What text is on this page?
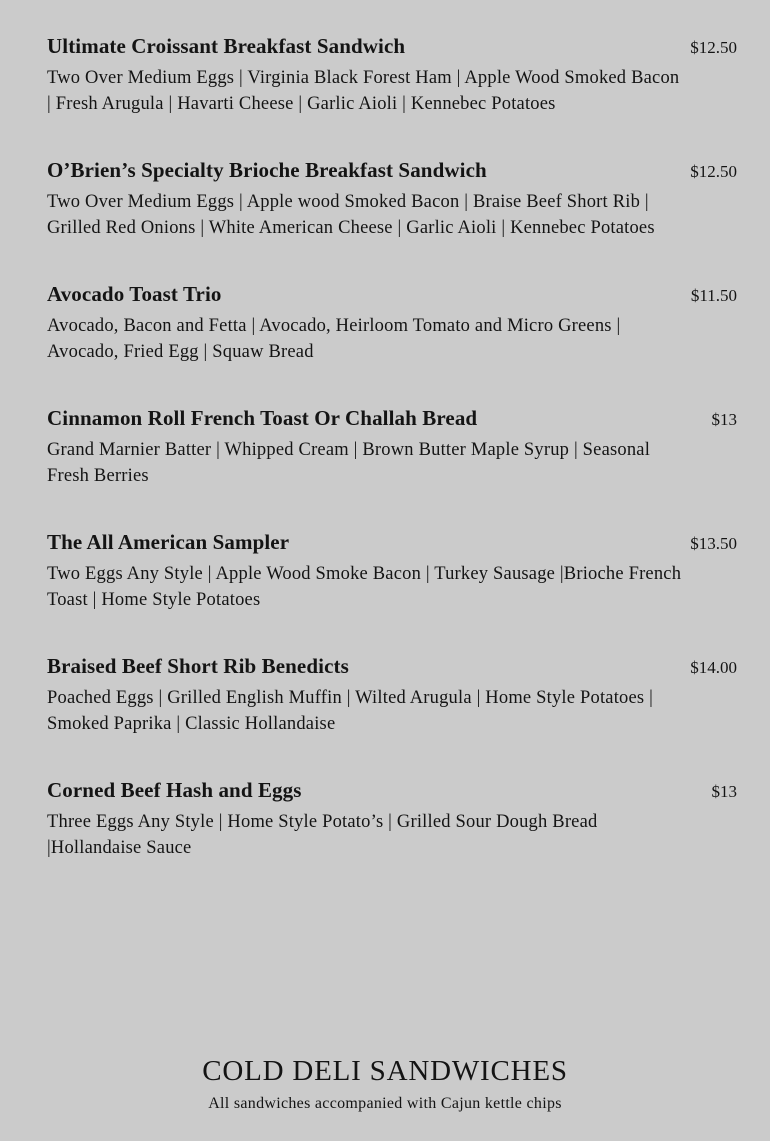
Ultimate Croissant Breakfast Sandwich	$12.50

Two Over Medium Eggs | Virginia Black Forest Ham | Apple Wood Smoked Bacon | Fresh Arugula | Havarti Cheese | Garlic Aioli | Kennebec Potatoes

O’Brien’s Specialty Brioche Breakfast Sandwich	$12.50

Two Over Medium Eggs | Apple wood Smoked Bacon | Braise Beef Short Rib | Grilled Red Onions | White American Cheese | Garlic Aioli | Kennebec Potatoes

Avocado Toast Trio	$11.50

Avocado, Bacon and Fetta | Avocado, Heirloom Tomato and Micro Greens | Avocado, Fried Egg | Squaw Bread

Cinnamon Roll French Toast Or Challah Bread	$13

Grand Marnier Batter | Whipped Cream | Brown Butter Maple Syrup | Seasonal Fresh Berries

The All American Sampler	$13.50

Two Eggs Any Style | Apple Wood Smoke Bacon | Turkey Sausage |Brioche French Toast | Home Style Potatoes

Braised Beef Short Rib Benedicts	$14.00

Poached Eggs | Grilled English Muffin | Wilted Arugula | Home Style Potatoes | Smoked Paprika | Classic Hollandaise

Corned Beef Hash and Eggs	$13

Three Eggs Any Style | Home Style Potato’s | Grilled Sour Dough Bread |Hollandaise Sauce

COLD DELI SANDWICHES
All sandwiches accompanied with Cajun kettle chips
